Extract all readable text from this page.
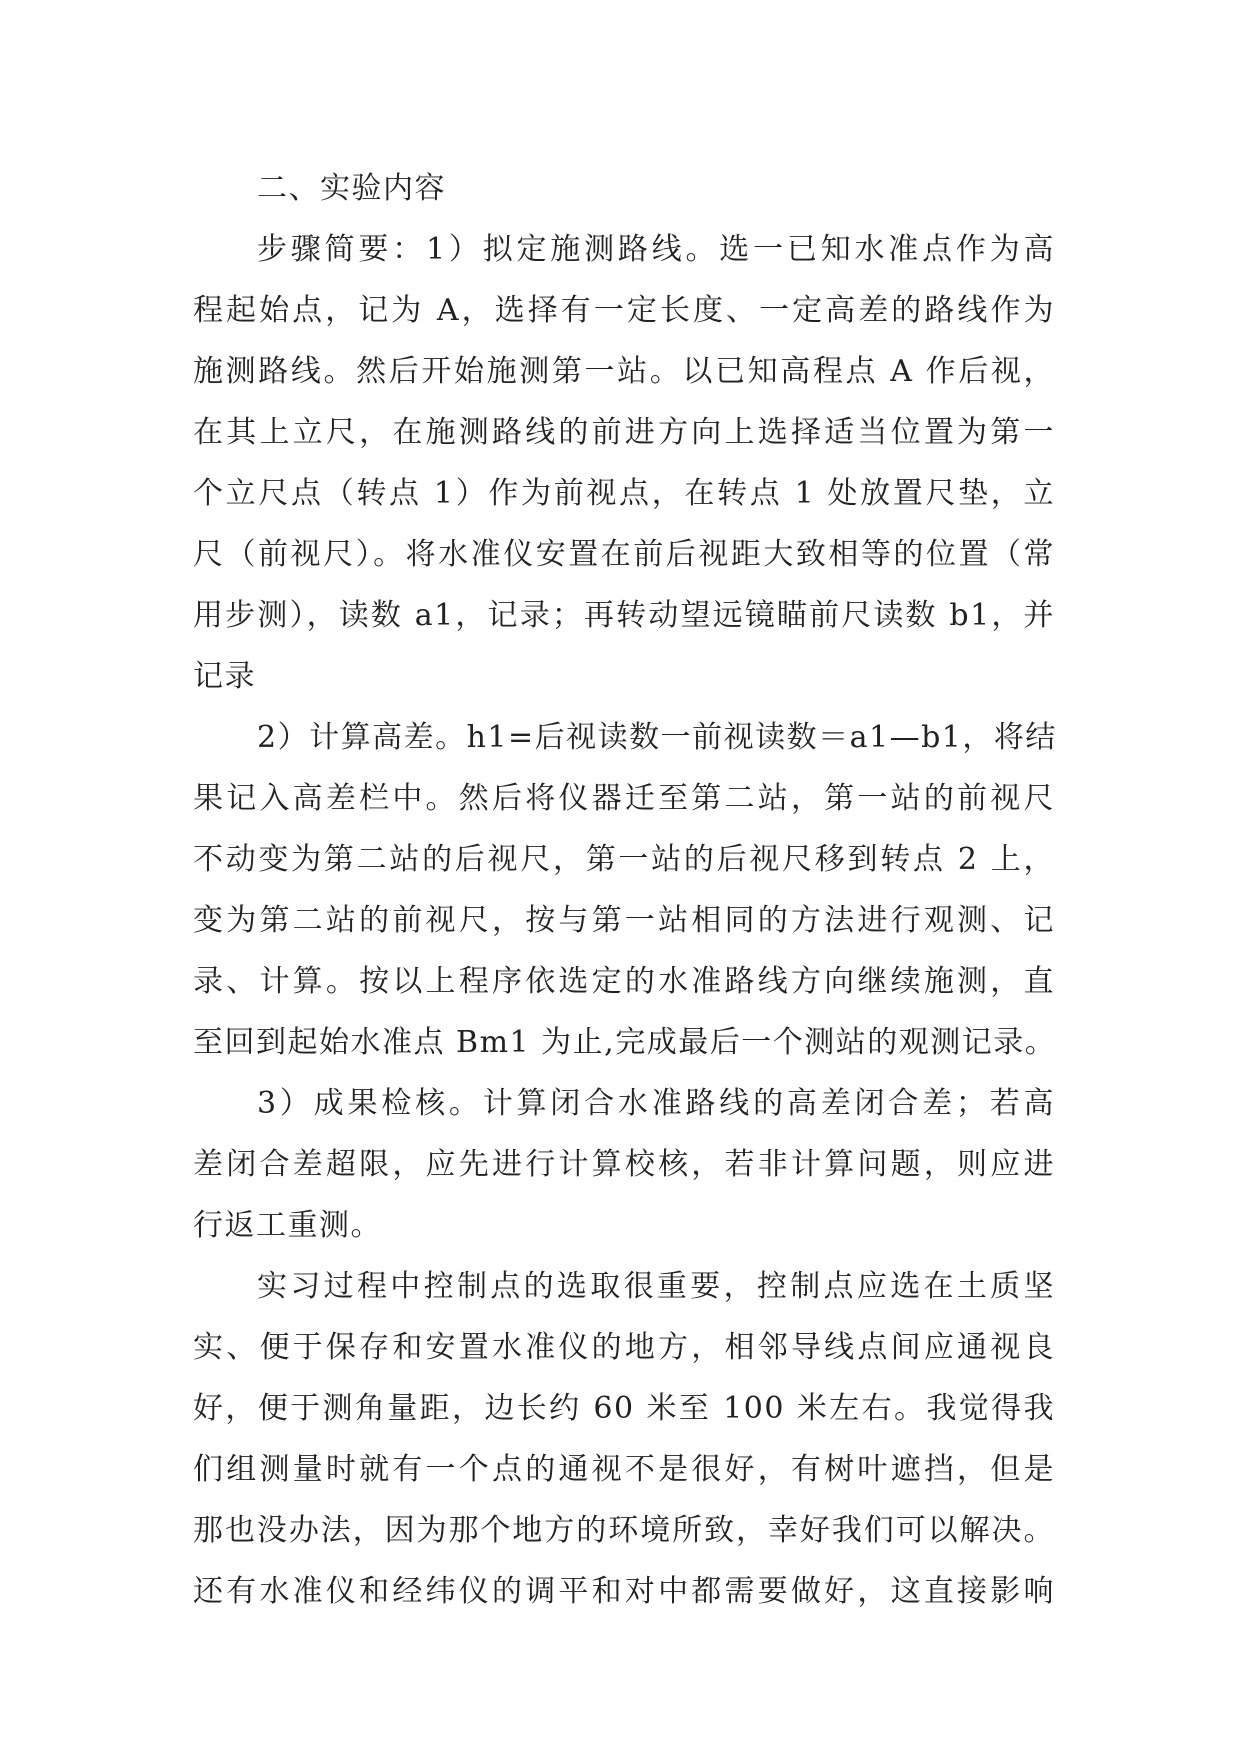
二、实验内容
步骤简要：1）拟定施测路线。选一已知水准点作为高
程起始点，记为 A，选择有一定长度、一定高差的路线作为
施测路线。然后开始施测第一站。以已知高程点 A 作后视，
在其上立尺，在施测路线的前进方向上选择适当位置为第一
个立尺点（转点 1）作为前视点，在转点 1 处放置尺垫，立
尺（前视尺）。将水准仪安置在前后视距大致相等的位置（常
用步测），读数 a1，记录；再转动望远镜瞄前尺读数 b1，并
记录
2）计算高差。h1=后视读数一前视读数＝a1—b1，将结
果记入高差栏中。然后将仪器迁至第二站，第一站的前视尺
不动变为第二站的后视尺，第一站的后视尺移到转点 2 上，
变为第二站的前视尺，按与第一站相同的方法进行观测、记
录、计算。按以上程序依选定的水准路线方向继续施测，直
至回到起始水准点 Bm1 为止,完成最后一个测站的观测记录。
3）成果检核。计算闭合水准路线的高差闭合差；若高
差闭合差超限，应先进行计算校核，若非计算问题，则应进
行返工重测。
实习过程中控制点的选取很重要，控制点应选在土质坚
实、便于保存和安置水准仪的地方，相邻导线点间应通视良
好，便于测角量距，边长约 60 米至 100 米左右。我觉得我
们组测量时就有一个点的通视不是很好，有树叶遮挡，但是
那也没办法，因为那个地方的环境所致，幸好我们可以解决。
还有水准仪和经纬仪的调平和对中都需要做好，这直接影响
